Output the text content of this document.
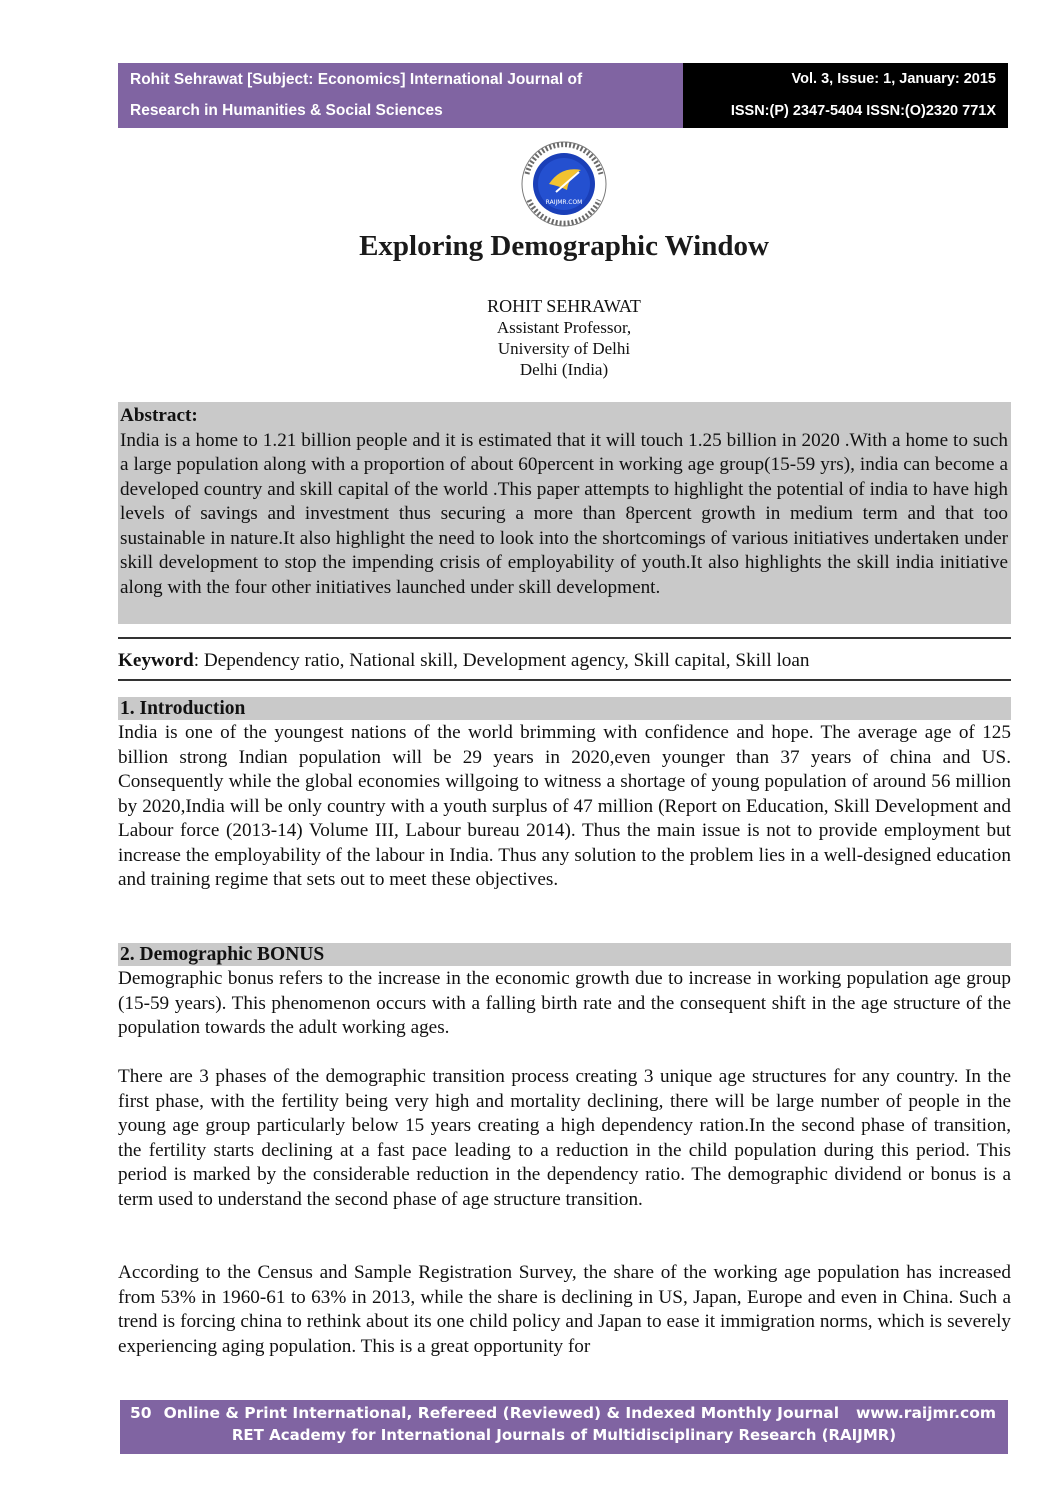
Rohit Sehrawat [Subject: Economics] International Journal of
Research in Humanities & Social Sciences
Vol. 3, Issue: 1, January: 2015
ISSN:(P) 2347-5404 ISSN:(O)2320 771X
RAIJMR.COM
Exploring Demographic Window
ROHIT SEHRAWAT
Assistant Professor,
University of Delhi
Delhi (India)
Abstract:
India is a home to 1.21 billion people and it is estimated that it will touch 1.25 billion in 2020 .With a home to such a large population along with a proportion of about 60percent in working age group(15-59 yrs), india can become a developed country and skill capital of the world .This paper attempts to highlight the potential of india to have high levels of savings and investment thus securing a more than 8percent growth in medium term and that too sustainable in nature.It also highlight the need to look into the shortcomings of various initiatives undertaken under skill development to stop the impending crisis of employability of youth.It also highlights the skill india initiative along with the four other initiatives launched under skill development.
Keyword: Dependency ratio, National skill, Development agency, Skill capital, Skill loan
1. Introduction
India is one of the youngest nations of the world brimming with confidence and hope. The average age of 125 billion strong Indian population will be 29 years in 2020,even younger than 37 years of china and US. Consequently while the global economies willgoing to witness a shortage of young population of around 56 million by 2020,India will be only country with a youth surplus of 47 million (Report on Education, Skill Development and Labour force (2013-14) Volume III, Labour bureau 2014). Thus the main issue is not to provide employment but increase the employability of the labour in India. Thus any solution to the problem lies in a well-designed education and training regime that sets out to meet these objectives.
2. Demographic BONUS
Demographic bonus refers to the increase in the economic growth due to increase in working population age group (15-59 years). This phenomenon occurs with a falling birth rate and the consequent shift in the age structure of the population towards the adult working ages.
There are 3 phases of the demographic transition process creating 3 unique age structures for any country. In the first phase, with the fertility being very high and mortality declining, there will be large number of people in the young age group particularly below 15 years creating a high dependency ration.In the second phase of transition, the fertility starts declining at a fast pace leading to a reduction in the child population during this period. This period is marked by the considerable reduction in the dependency ratio. The demographic dividend or bonus is a term used to understand the second phase of age structure transition.
According to the Census and Sample Registration Survey, the share of the working age population has increased from 53% in 1960-61 to 63% in 2013, while the share is declining in US, Japan, Europe and even in China. Such a trend is forcing china to rethink about its one child policy and Japan to ease it immigration norms, which is severely experiencing aging population. This is a great opportunity for
50 Online & Print International, Refereed (Reviewed) & Indexed Monthly Journal www.raijmr.com
RET Academy for International Journals of Multidisciplinary Research (RAIJMR)
